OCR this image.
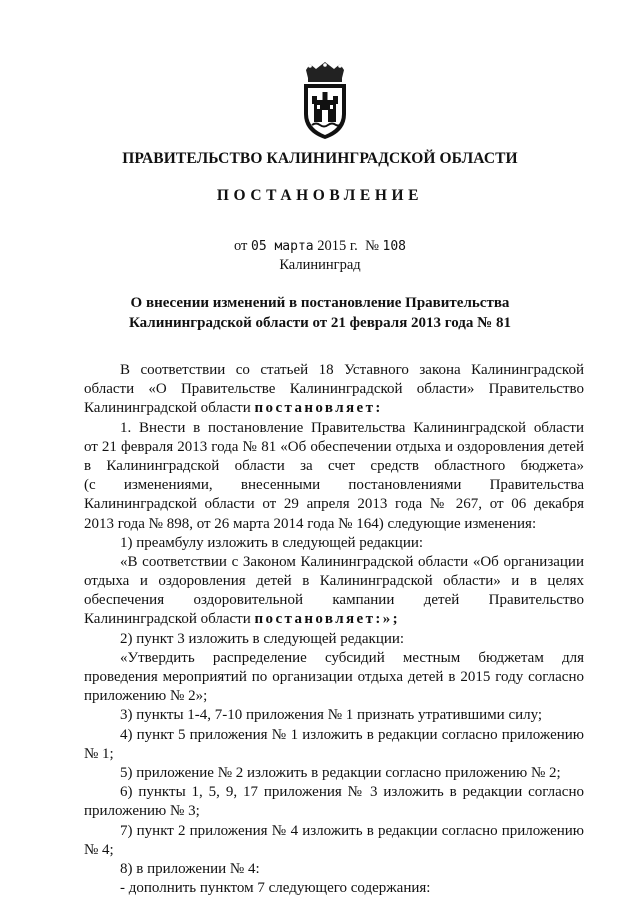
ПРАВИТЕЛЬСТВО КАЛИНИНГРАДСКОЙ ОБЛАСТИ
ПОСТАНОВЛЕНИЕ
от 05 марта 2015 г. № 108
Калининград
О внесении изменений в постановление Правительства
Калининградской области от 21 февраля 2013 года № 81
В соответствии со статьей 18 Уставного закона Калининградской
области «О Правительстве Калининградской области» Правительство
Калининградской области постановляет:
1. Внести в постановление Правительства Калининградской области
от 21 февраля 2013 года № 81 «Об обеспечении отдыха и оздоровления детей
в Калининградской области за счет средств областного бюджета»
(с изменениями, внесенными постановлениями Правительства
Калининградской области от 29 апреля 2013 года № 267, от 06 декабря
2013 года № 898, от 26 марта 2014 года № 164) следующие изменения:
1) преамбулу изложить в следующей редакции:
«В соответствии с Законом Калининградской области «Об организации
отдыха и оздоровления детей в Калининградской области» и в целях
обеспечения оздоровительной кампании детей Правительство
Калининградской области постановляет:»;
2) пункт 3 изложить в следующей редакции:
«Утвердить распределение субсидий местным бюджетам для
проведения мероприятий по организации отдыха детей в 2015 году согласно
приложению № 2»;
3) пункты 1-4, 7-10 приложения № 1 признать утратившими силу;
4) пункт 5 приложения № 1 изложить в редакции согласно приложению
№ 1;
5) приложение № 2 изложить в редакции согласно приложению № 2;
6) пункты 1, 5, 9, 17 приложения № 3 изложить в редакции согласно
приложению № 3;
7) пункт 2 приложения № 4 изложить в редакции согласно приложению
№ 4;
8) в приложении № 4:
- дополнить пунктом 7 следующего содержания:
